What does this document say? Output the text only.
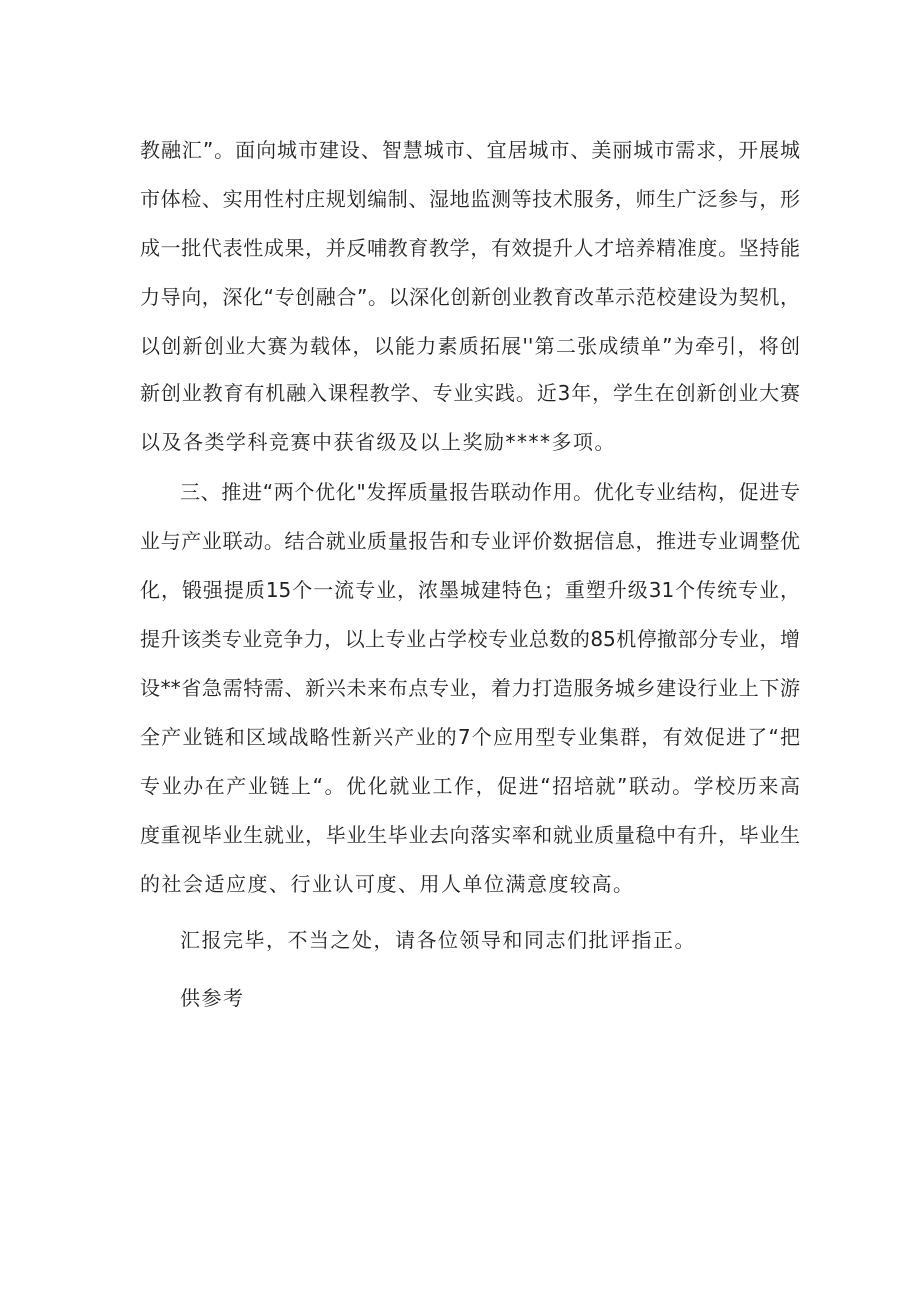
教融汇”。面向城市建设、智慧城市、宜居城市、美丽城市需求，开展城
市体检、实用性村庄规划编制、湿地监测等技术服务，师生广泛参与，形
成一批代表性成果，并反哺教育教学，有效提升人才培养精准度。坚持能
力导向，深化“专创融合”。以深化创新创业教育改革示范校建设为契机，
以创新创业大赛为载体，以能力素质拓展''第二张成绩单”为牵引，将创
新创业教育有机融入课程教学、专业实践。近3年，学生在创新创业大赛
以及各类学科竞赛中获省级及以上奖励****多项。
三、推进“两个优化"发挥质量报告联动作用。优化专业结构，促进专
业与产业联动。结合就业质量报告和专业评价数据信息，推进专业调整优
化，锻强提质15个一流专业，浓墨城建特色；重塑升级31个传统专业，
提升该类专业竞争力，以上专业占学校专业总数的85机停撤部分专业，增
设**省急需特需、新兴未来布点专业，着力打造服务城乡建设行业上下游
全产业链和区域战略性新兴产业的7个应用型专业集群，有效促进了“把
专业办在产业链上“。优化就业工作，促进“招培就”联动。学校历来高
度重视毕业生就业，毕业生毕业去向落实率和就业质量稳中有升，毕业生
的社会适应度、行业认可度、用人单位满意度较高。
汇报完毕，不当之处，请各位领导和同志们批评指正。
供参考
